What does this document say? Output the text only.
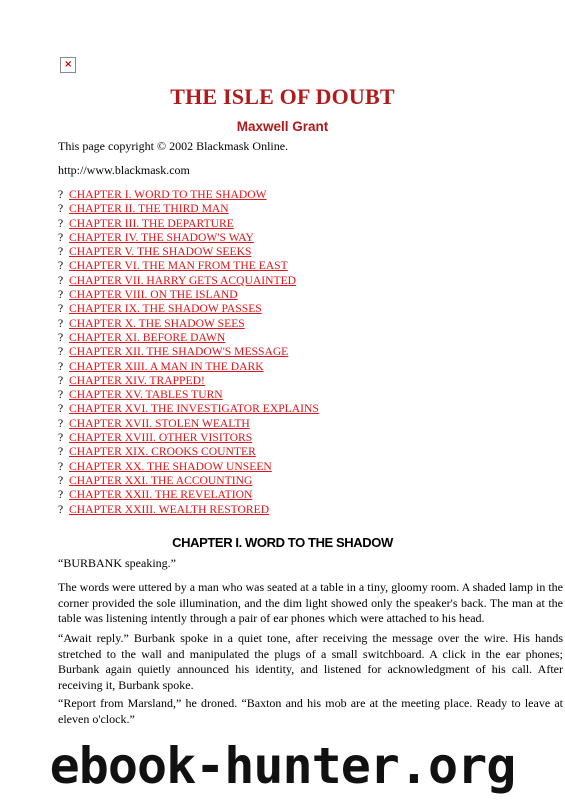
×
THE ISLE OF DOUBT
Maxwell Grant
This page copyright © 2002 Blackmask Online.
http://www.blackmask.com
? CHAPTER I. WORD TO THE SHADOW
? CHAPTER II. THE THIRD MAN
? CHAPTER III. THE DEPARTURE
? CHAPTER IV. THE SHADOW'S WAY
? CHAPTER V. THE SHADOW SEEKS
? CHAPTER VI. THE MAN FROM THE EAST
? CHAPTER VII. HARRY GETS ACQUAINTED
? CHAPTER VIII. ON THE ISLAND
? CHAPTER IX. THE SHADOW PASSES
? CHAPTER X. THE SHADOW SEES
? CHAPTER XI. BEFORE DAWN
? CHAPTER XII. THE SHADOW'S MESSAGE
? CHAPTER XIII. A MAN IN THE DARK
? CHAPTER XIV. TRAPPED!
? CHAPTER XV. TABLES TURN
? CHAPTER XVI. THE INVESTIGATOR EXPLAINS
? CHAPTER XVII. STOLEN WEALTH
? CHAPTER XVIII. OTHER VISITORS
? CHAPTER XIX. CROOKS COUNTER
? CHAPTER XX. THE SHADOW UNSEEN
? CHAPTER XXI. THE ACCOUNTING
? CHAPTER XXII. THE REVELATION
? CHAPTER XXIII. WEALTH RESTORED
CHAPTER I. WORD TO THE SHADOW

“BURBANK speaking.”

The words were uttered by a man who was seated at a table in a tiny, gloomy room. A shaded lamp in the corner provided the sole illumination, and the dim light showed only the speaker's back. The man at the table was listening intently through a pair of ear phones which were attached to his head.

“Await reply.” Burbank spoke in a quiet tone, after receiving the message over the wire. His hands stretched to the wall and manipulated the plugs of a small switchboard. A click in the ear phones; Burbank again quietly announced his identity, and listened for acknowledgment of his call. After receiving it, Burbank spoke.

“Report from Marsland,” he droned. “Baxton and his mob are at the meeting place. Ready to leave at eleven o'clock.”

ebook-hunter.org
